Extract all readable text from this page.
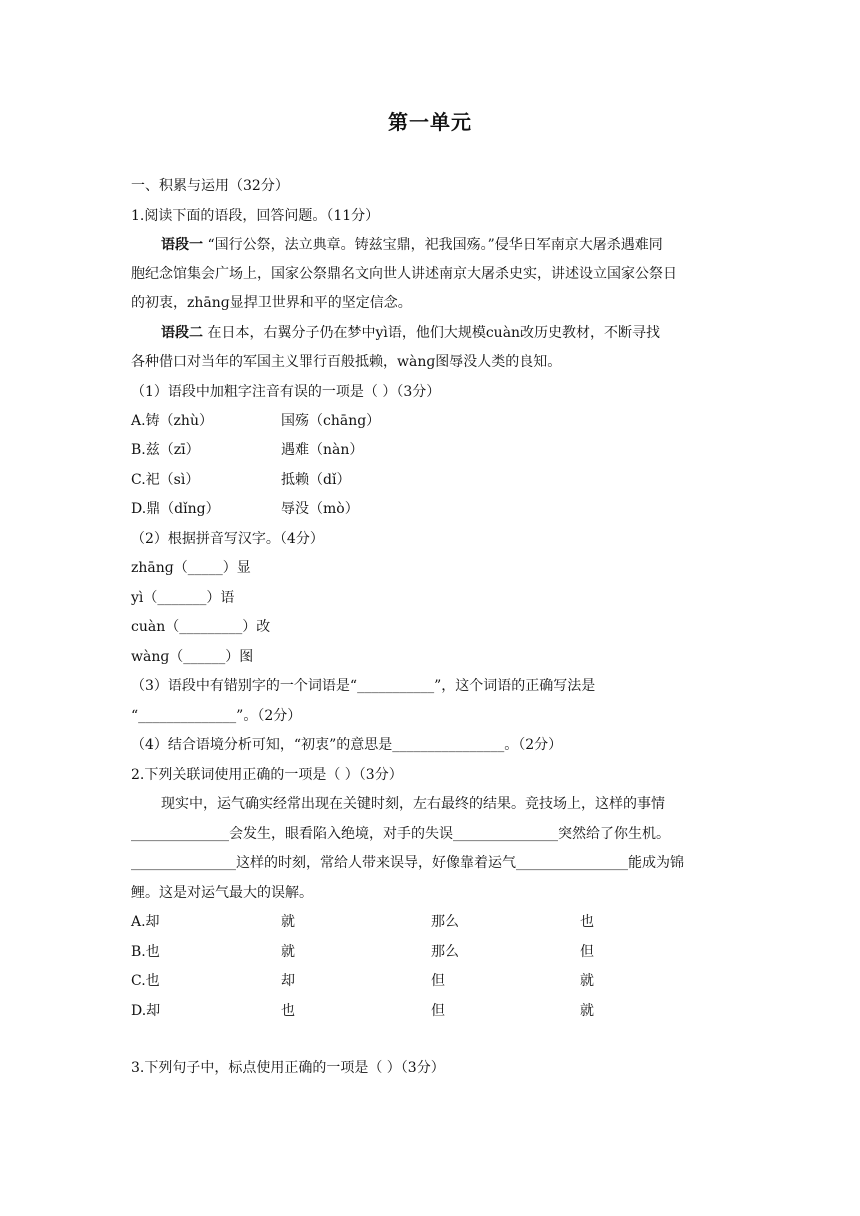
第一单元
一、积累与运用（32分）
1.阅读下面的语段，回答问题。（11分）
语段一 “国行公祭，法立典章。铸兹宝鼎，祀我国殇。”侵华日军南京大屠杀遇难同
胞纪念馆集会广场上，国家公祭鼎名文向世人讲述南京大屠杀史实，讲述设立国家公祭日
的初衷，zhānɡ显捍卫世界和平的坚定信念。
语段二 在日本，右翼分子仍在梦中yì语，他们大规模cuàn改历史教材，不断寻找
各种借口对当年的军国主义罪行百般抵赖，wànɡ图辱没人类的良知。
（1）语段中加粗字注音有误的一项是（ ）（3分）
A.铸（zhù）	国殇（chāng）
B.兹（zī）	遇难（nàn）
C.祀（sì）	抵赖（dǐ）
D.鼎（dǐng）	辱没（mò）
（2）根据拼音写汉字。（4分）
zhānɡ（_____）显
yì（_______）语
cuàn（_________）改
wànɡ（______）图
（3）语段中有错别字的一个词语是“___________”，这个词语的正确写法是
“______________”。（2分）
（4）结合语境分析可知，“初衷”的意思是________________。（2分）
2.下列关联词使用正确的一项是（ ）（3分）
现实中，运气确实经常出现在关键时刻，左右最终的结果。竞技场上，这样的事情
______________会发生，眼看陷入绝境，对手的失误_______________突然给了你生机。
_______________这样的时刻，常给人带来误导，好像靠着运气________________能成为锦
鲤。这是对运气最大的误解。
A.却	就	那么	也
B.也	就	那么	但
C.也	却	但	就
D.却	也	但	就
3.下列句子中，标点使用正确的一项是（ ）（3分）
